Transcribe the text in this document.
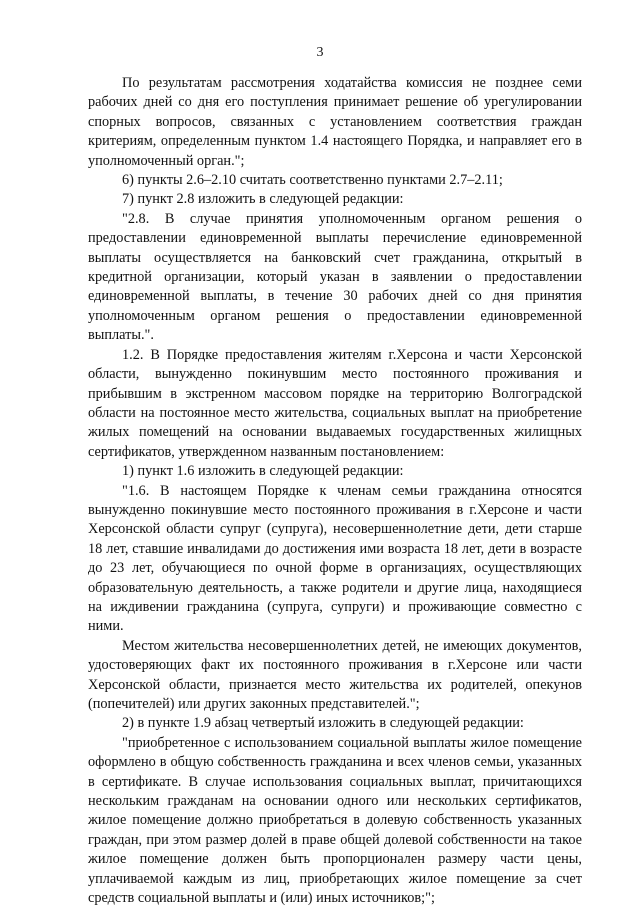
3

По результатам рассмотрения ходатайства комиссия не позднее семи рабочих дней со дня его поступления принимает решение об урегулировании спорных вопросов, связанных с установлением соответствия граждан критериям, определенным пунктом 1.4 настоящего Порядка, и направляет его в уполномоченный орган.";

6) пункты 2.6–2.10 считать соответственно пунктами 2.7–2.11;

7) пункт 2.8 изложить в следующей редакции:

"2.8. В случае принятия уполномоченным органом решения о предоставлении единовременной выплаты перечисление единовременной выплаты осуществляется на банковский счет гражданина, открытый в кредитной организации, который указан в заявлении о предоставлении единовременной выплаты, в течение 30 рабочих дней со дня принятия уполномоченным органом решения о предоставлении единовременной выплаты.".

1.2. В Порядке предоставления жителям г.Херсона и части Херсонской области, вынужденно покинувшим место постоянного проживания и прибывшим в экстренном массовом порядке на территорию Волгоградской области на постоянное место жительства, социальных выплат на приобретение жилых помещений на основании выдаваемых государственных жилищных сертификатов, утвержденном названным постановлением:

1) пункт 1.6 изложить в следующей редакции:

"1.6. В настоящем Порядке к членам семьи гражданина относятся вынужденно покинувшие место постоянного проживания в г.Херсоне и части Херсонской области супруг (супруга), несовершеннолетние дети, дети старше 18 лет, ставшие инвалидами до достижения ими возраста 18 лет, дети в возрасте до 23 лет, обучающиеся по очной форме в организациях, осуществляющих образовательную деятельность, а также родители и другие лица, находящиеся на иждивении гражданина (супруга, супруги) и проживающие совместно с ними.

Местом жительства несовершеннолетних детей, не имеющих документов, удостоверяющих факт их постоянного проживания в г.Херсоне или части Херсонской области, признается место жительства их родителей, опекунов (попечителей) или других законных представителей.";

2) в пункте 1.9 абзац четвертый изложить в следующей редакции:

"приобретенное с использованием социальной выплаты жилое помещение оформлено в общую собственность гражданина и всех членов семьи, указанных в сертификате. В случае использования социальных выплат, причитающихся нескольким гражданам на основании одного или нескольких сертификатов, жилое помещение должно приобретаться в долевую собственность указанных граждан, при этом размер долей в праве общей долевой собственности на такое жилое помещение должен быть пропорционален размеру части цены, уплачиваемой каждым из лиц, приобретающих жилое помещение за счет средств социальной выплаты и (или) иных источников;";
